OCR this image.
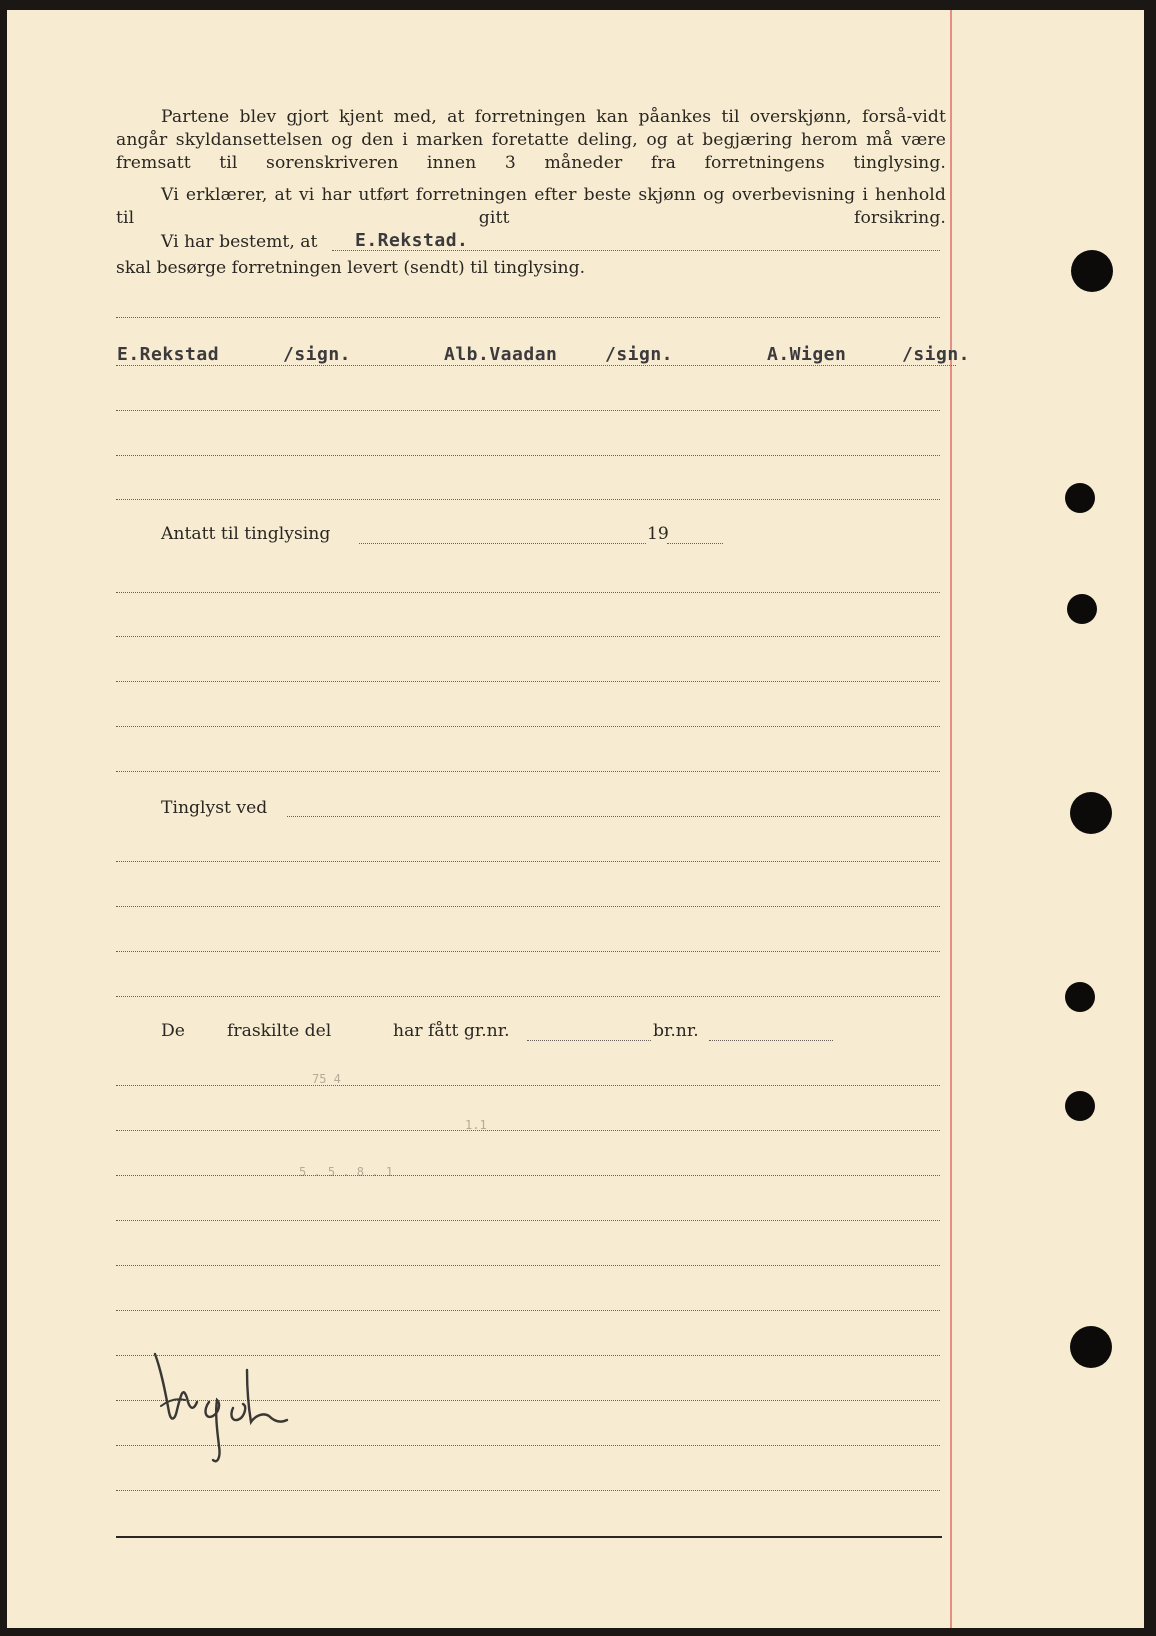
Partene blev gjort kjent med, at forretningen kan påankes til overskjønn, forså-vidt angår skyldansettelsen og den i marken foretatte deling, og at begjæring herom må være fremsatt til sorenskriveren innen 3 måneder fra forretningens tinglysing.

Vi erklærer, at vi har utført forretningen efter beste skjønn og overbevisning i henhold til gitt forsikring.

Vi har bestemt, at E.Rekstad.
skal besørge forretningen levert (sendt) til tinglysing.
E.Rekstad	/sign.	Alb.Vaadan	/sign.	A.Wigen	/sign.
Antatt til tinglysing	19
Tinglyst ved
De fraskilte del	har fått gr.nr.	br.nr.
75 4
1.1
5 . 5 . 8 . 1
